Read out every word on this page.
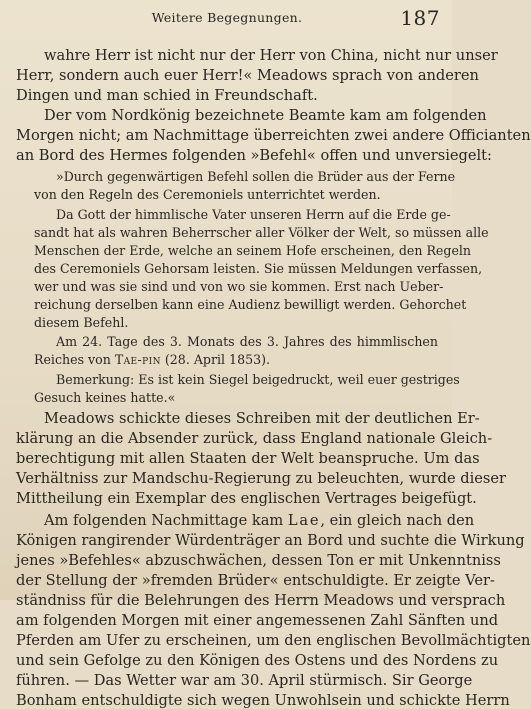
Weitere Begegnungen.	187
wahre Herr ist nicht nur der Herr von China, nicht nur unser
Herr, sondern auch euer Herr!« Meadows sprach von anderen
Dingen und man schied in Freundschaft.
Der vom Nordkönig bezeichnete Beamte kam am folgenden
Morgen nicht; am Nachmittage überreichten zwei andere Officianten
an Bord des Hermes folgenden »Befehl« offen und unversiegelt:
»Durch gegenwärtigen Befehl sollen die Brüder aus der Ferne
von den Regeln des Ceremoniels unterrichtet werden.
Da Gott der himmlische Vater unseren Herrn auf die Erde ge-
sandt hat als wahren Beherrscher aller Völker der Welt, so müssen alle
Menschen der Erde, welche an seinem Hofe erscheinen, den Regeln
des Ceremoniels Gehorsam leisten. Sie müssen Meldungen verfassen,
wer und was sie sind und von wo sie kommen. Erst nach Ueber-
reichung derselben kann eine Audienz bewilligt werden. Gehorchet
diesem Befehl.
Am 24. Tage des 3. Monats des 3. Jahres des himmlischen
Reiches von Tae-pin (28. April 1853).
Bemerkung: Es ist kein Siegel beigedruckt, weil euer gestriges
Gesuch keines hatte.«
Meadows schickte dieses Schreiben mit der deutlichen Er-
klärung an die Absender zurück, dass England nationale Gleich-
berechtigung mit allen Staaten der Welt beanspruche. Um das
Verhältniss zur Mandschu-Regierung zu beleuchten, wurde dieser
Mittheilung ein Exemplar des englischen Vertrages beigefügt.
Am folgenden Nachmittage kam Lae, ein gleich nach den
Königen rangirender Würdenträger an Bord und suchte die Wirkung
jenes »Befehles« abzuschwächen, dessen Ton er mit Unkenntniss
der Stellung der »fremden Brüder« entschuldigte. Er zeigte Ver-
ständniss für die Belehrungen des Herrn Meadows und versprach
am folgenden Morgen mit einer angemessenen Zahl Sänften und
Pferden am Ufer zu erscheinen, um den englischen Bevollmächtigten
und sein Gefolge zu den Königen des Ostens und des Nordens zu
führen. — Das Wetter war am 30. April stürmisch. Sir George
Bonham entschuldigte sich wegen Unwohlsein und schickte Herrn
